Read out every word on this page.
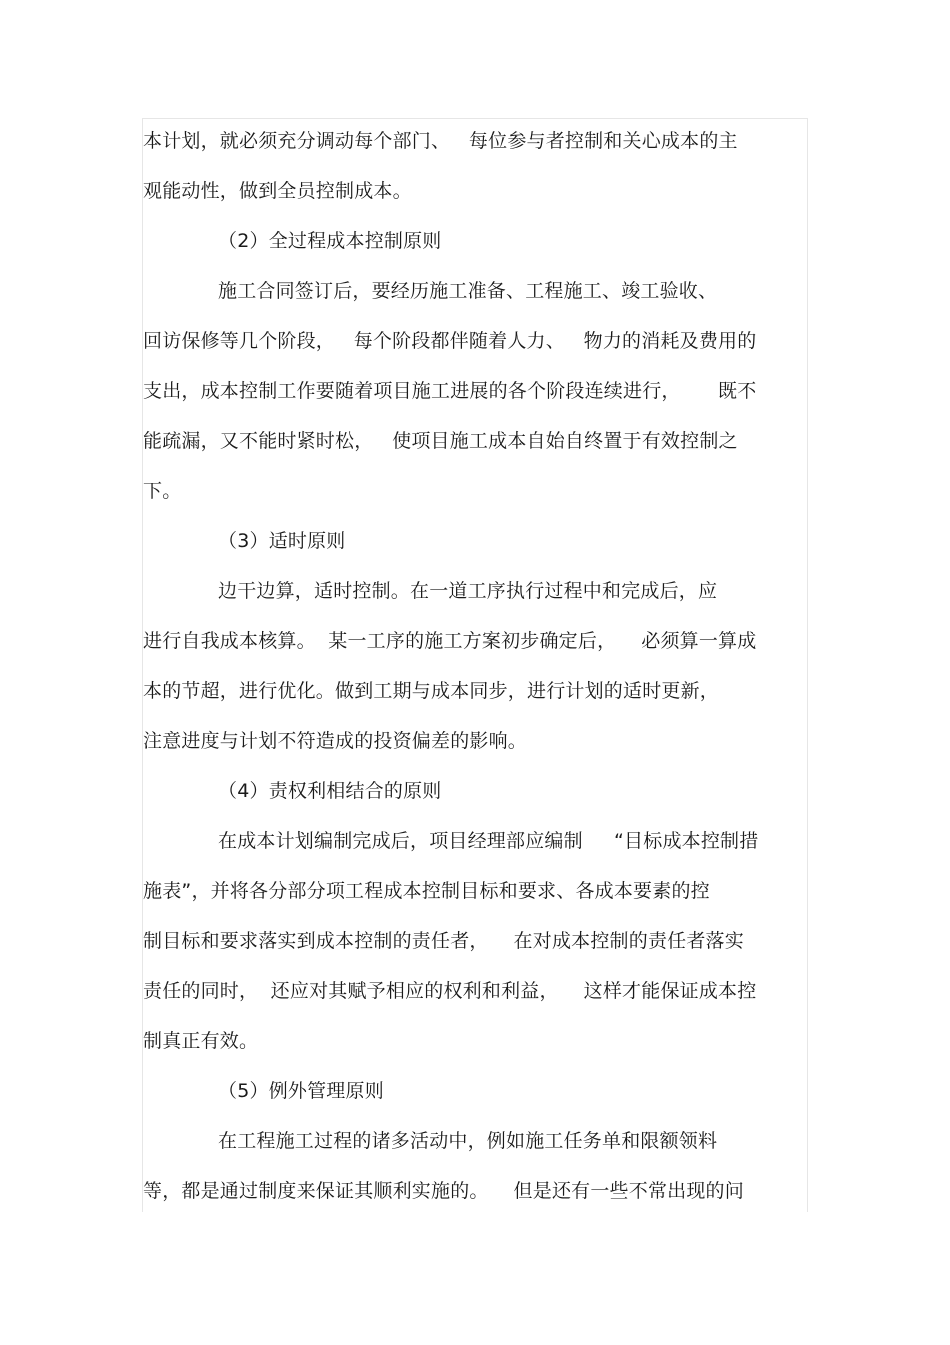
本计划，就必须充分调动每个部门、   每位参与者控制和关心成本的主
观能动性，做到全员控制成本。
（2）全过程成本控制原则
施工合同签订后，要经历施工准备、工程施工、竣工验收、
回访保修等几个阶段，   每个阶段都伴随着人力、   物力的消耗及费用的
支出，成本控制工作要随着项目施工进展的各个阶段连续进行，      既不
能疏漏，又不能时紧时松，   使项目施工成本自始自终置于有效控制之
下。
（3）适时原则
边干边算，适时控制。在一道工序执行过程中和完成后，应
进行自我成本核算。  某一工序的施工方案初步确定后，    必须算一算成
本的节超，进行优化。做到工期与成本同步，进行计划的适时更新，
注意进度与计划不符造成的投资偏差的影响。
（4）责权利相结合的原则
在成本计划编制完成后，项目经理部应编制     “目标成本控制措
施表”，并将各分部分项工程成本控制目标和要求、各成本要素的控
制目标和要求落实到成本控制的责任者，    在对成本控制的责任者落实
责任的同时，  还应对其赋予相应的权利和利益，    这样才能保证成本控
制真正有效。
（5）例外管理原则
在工程施工过程的诸多活动中，例如施工任务单和限额领料
等，都是通过制度来保证其顺利实施的。    但是还有一些不常出现的问
